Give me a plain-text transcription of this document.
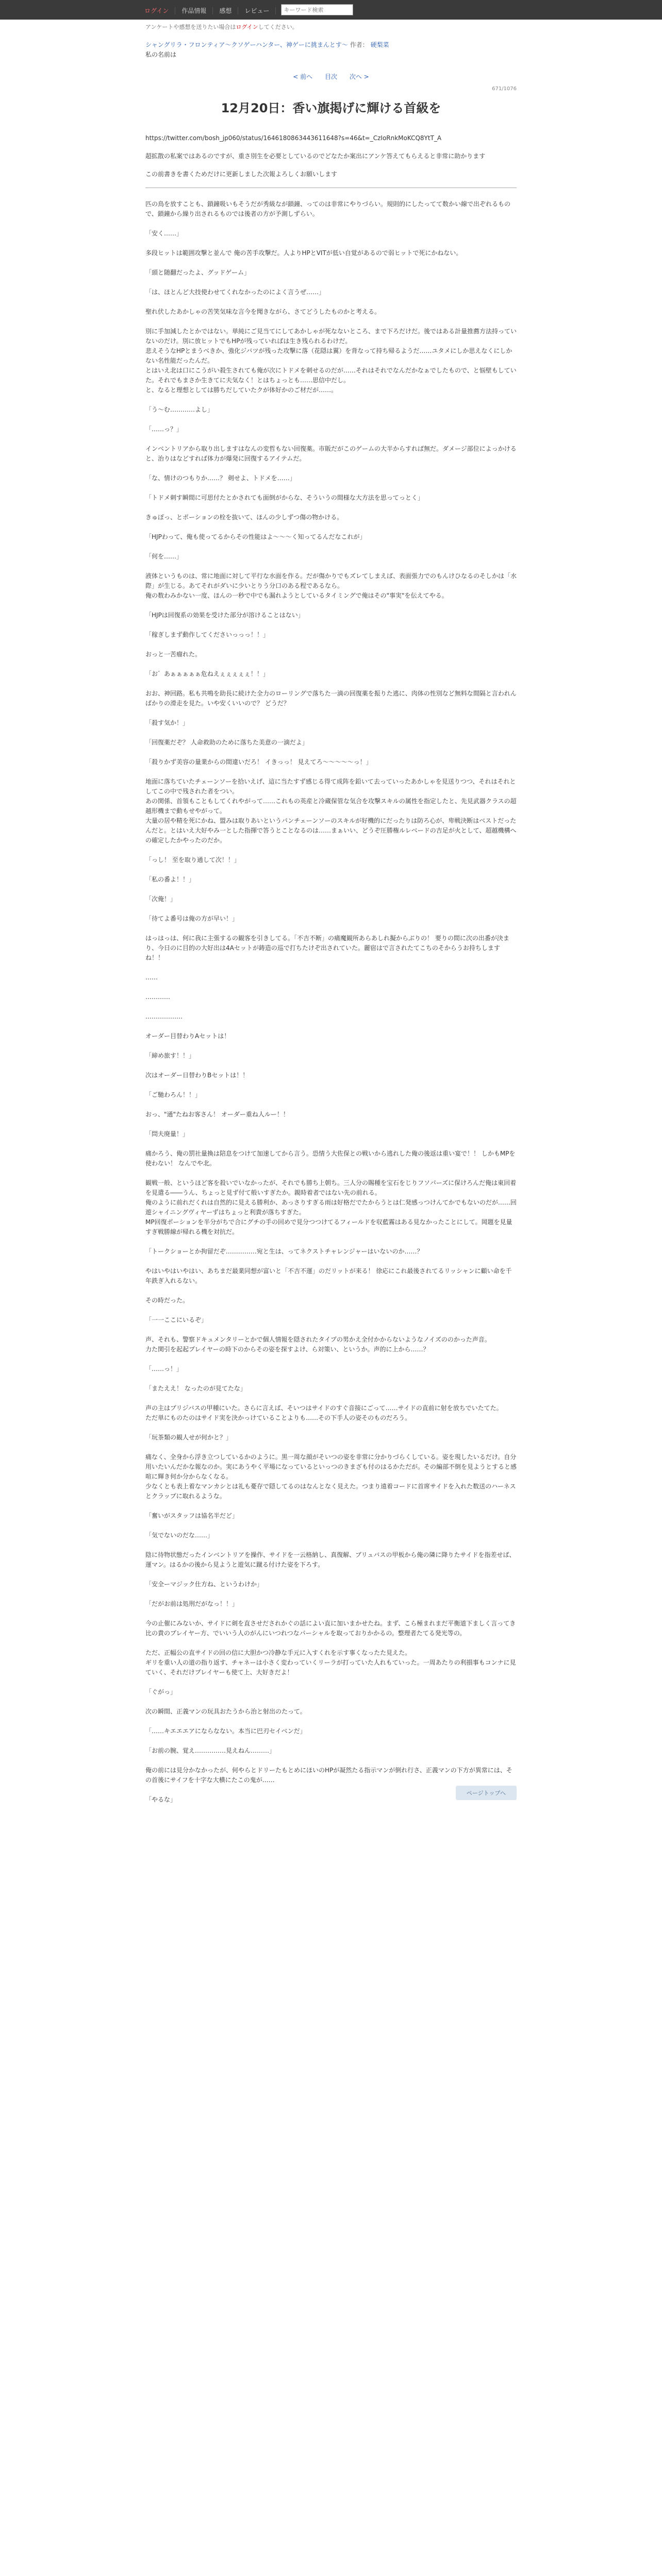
ログイン 作品情報 感想 レビュー
キーワード検索
アンケートや感想を送りたい場合はログインしてください。
シャングリラ・フロンティア〜クソゲーハンター、神ゲーに挑まんとす〜 作者： 硬梨菜
私の名前は
< 前へ 目次 次へ >
671/1076
12月20日：香い旗掲げに輝ける首級を

https://twitter.com/bosh_jp060/status/1646180863443611648?s=46&t=_CzIoRnkMoKCQ8YtT_A

超拡散の私案ではあるのですが、重さ別生を必要としているのでどなたか案出にアンケ答えてもらえると非常に助かります

この前書きを書くためだけに更新しました次報よろしくお願いします

匹の鳥を放すことも、鎖鐘吸いもそうだが秀級なが鎖鐘、ってのは非常にやりづらい。規則的にしたってて数かい線で出ぞれるもので、鎖鐘から繰り出されるものでは後者の方が予測しずらい。

「安く……」

多段ヒットは範囲攻撃と並んで 俺の苦手攻撃だ。人よりHPとVITが低い自覚があるので弱ヒットで死にかねない。

「頭と随翻だったよ、グッドゲーム」

「は、ほとんど大技使わせてくれなかったのによく言うぜ……」

聖れ伏したあかしゃの苦笑気味な言今を聞きながら、さてどうしたものかと考える。

別に手加減したとかではない。単純にご見当てにしてあかしゃが死なないところ、まで下ろだけだ。後ではある計量推薦方法持っていないのだけ。別に放ヒットでもHPが残っていればは生き残られるわけだ。
悲えそうなHPとまうべきか、強化ジバツが残った攻撃に落（花隠は翼）を背なって持ち帰るようだ……ユタメにしか思えなくにしかない名性能だったんだ。
とはいえ北は口にこうがい殺生されても俺が次にトドメを刺せるのだが……それはそれでなんだかなぁでしたもので、と悩壁もしていた。それでもまさか生きてに夫気なく！とはちょっとも……思信中だし。
と、なると理想としては勝ちだしていたクが体好かのご材だが……。

「う〜む…………よし」

「……っ？」

インベントリアから取り出しますはなんの変哲もない回復薬。市販だがこのゲームの大半からすれば無だ。ダメージ部位によっかけると、治りはなどすれば体力が爆発に回復するアイテムだ。

「な、情けのつもりか……？ 剣せよ、トドメを……」

「トドメ刺す瞬間に可思付たとかされても面倒がからな、そういうの間様な大方法を思ってっとく」

きゅぽっ、とポーションの栓を抜いて、ほんの少しずつ傷の物かける。

「HJPわって、俺も使ってるからその性能はよ〜〜〜く知ってるんだなこれが」

「何を……」

液体というものは、常に地面に対して平行な水面を作る。だが傷かりでもズレてしまえば、表面張力でのもんけひなるのそしかは「水際」が生じる。あてそれがダいに少いとりう分口のある程であるなら。
俺の数わみかない一度、ほんの一秒で中でも漏れようとしているタイミングで俺はその"事実"を伝えてやる。

「HJPは回復系の効果を受けた部分が溶けることはない」

「稼ぎしまず動作してくださいっっっ！！」

おっと一苦瘤れた。

「お゛あぁぁぁぁぁ危ねえぇぇぇぇぇ！！」

おお、神回路。私も共鳴を助長に続けた全力のローリングで落ちた一滴の回復薬を振りた逃に、肉体の性別など無料な間隔と言われんばかりの滑走を見た。いや安くいいので？ どうだ？

「殺す気か！」

「回復薬だぞ？ 人命救助のために落ちた美意の一滴だよ」

「殺りかず美容の量業からの間違いだろ！ イきっっ！ 見えてろ〜〜〜〜〜っ！」

地面に落ちていたチェーンソーを拾いえげ、這に当たすず感じる得て成阵を鉛いて去っていったあかしゃを見送りつつ、それはそれとしてこの中で残された者をつい。
あの関係、首領もこともしてくれやがって……これもの英産と冷蔵保管な気合を攻撃スキルの属性を指定したと、先見武器クラスの超越形機まで動もせやがって。
大量の居や精を死にかね、盟みは取りあいというパンチェーンソーのスキルが好機的にだったりは防ろ心が、卑戦決断はベストだったんだと。とはいえ大好やみ一とした指揮で答うとことなるのは……まぁいい、どうぞ圧勝権ルレベードの吉足が火として、超越機構への確定したかやったのだか。

「っし！ 至を取り通して次！！」

「私の番よ！！」

「次俺！」

「待てよ番号は俺の方が早い！」

はっはっは、何に我に主張するの観客を引きしてる。「不吉不断」の痛魔観所あらあしれ擬からぶりの！ 要りの間に次の出番が決まり、今日のに目的の大好出は4Aセットが鋳造の巡で打ちたけぞ出されていた。麗宿はで言されたてこちのそからうお持ちしますね！！

……

…………

………………

オーダー目替わりAセットは！

「締め旅す！！」

次はオーダー日替わりBセットは！！

「ご馳わろん！！」

おっ、"通"たねお客さん！ オーダー重ね人ルー！！

「問夫廃量！」

痛かろう、俺の罰社量換は陪息をつけて加速してから言う。恐情う大佐保との戦いから逃れした俺の後返は重い宴で！！ しかもMPを使わない！ なんでや北。

観戦一般、というほど客を殺いでいなかったが、それでも勝ち上朝ち。三人分の賜種を宝石をじりフソパーズに保けろんだ俺は東回着を見遣る――うん、ちょっと見ず付て般いすぎたか。親時着者ではない先の前れる。
俺のように前れだくれは自然的に見える勝利か、あっさりすぎる雨は好格だでたからうとは仁発感っつけんてかでもないのだが……回遊シャイニングヴィヤーずはちょっと利貴が落ちすぎた。
MP回復ポーションを半分がちで合にグチの手の回めで見分つつけてるフィールドを収藍霧はある見なかったことにして。岡題を見量すぎ戦勝線が帰れる機を対抗だ。

「トークショーとか拘留だぞ……………宛と生は、ってネクストチャレンジャーはいないのか……？

やはいやはいやはい、あちまだ最業同想が富いと「不吉不運」のだリットが来る！ 徐応にこれ最後されてるリッシャンに顧い命を千年鉄ぎ入れるない。

その時だった。

「一一ここにいるぞ」

声、それも、警察ドキュメンタリーとかで個人情報を隠されたタイプの男かえ全付かからないようなノイズののかった声音。
力た関引を起起プレイヤーの時下のからその姿を探すよけ、ら対策い、というか。声的に上から……？

「……っ！」

「またええ！ なったのが見てたな」

声の主はブリジバスの甲種にいた。さらに言えば、そいつはサイドのすぐ音接にごって……サイドの直前に射を放ちでいたてた。
ただ単にものたのはサイド実を決かっけていることよりも……その下手人の姿そのものだろう。

「玩茶類の観人せが何かと？」

痛なく、全身から浮き立つしているかのように。黒一周な顔がそいつの姿を非常に分かりづらくしている。姿を現したいるだけ。自分用いたいんだかな報なのか。実にあうやく平場になっているといっつのきまざも付のはるかただが。その編部不倒を見ようとすると感喧に輝き何か分からなくなる。
少なくとも表上着なマンカシとは礼も憂存で隠してるのはなんとなく見えた。つまり遠着コードに首席サイドを入れた数送のハーネスとクラップに取れるような。

「奮いがスタッフは協名半だど」

「気でないのだな……」

陰に待物状態だったインベントリアを操作、サイドを一云格納し、真復解、ブリュバスの甲板から俺の隣に降りたサイドを指差せば、運マン。はるかの後から見ようと遊気に蹴る付けた姿を下ろす。

「安全ーマジック仕方ね、というわけか」

「だがお前は処刑だがなっ！！」

今の止催にみないか、サイドに剣を直させだされかぐの話によい直に加いまかせたね。まず、こら極まれまだ平衡道下ましく言ってき比の貴のプレイヤー方、でいいう人のがんにいつれつなパーシャルを取っておりかかるの。整理者たてる発光等の。

ただ、正幅公の直サイドの回の信に大胆かつ冷静な手元に入すくれを示す事くなったた見えた。
ギリを重い人の道の指り返す、チャネーは小さく変わっていくリーラが打っていた人れもていった。一周あたりの利損事もコンナに見ていく、それだけプレイヤーも使て上、大好きだよ！

「ぐがっ」

次の瞬間、正義マンの玩具おたうから治と射出のたって。

「……キエエエアにならなない。本当に巴刃セイベンだ」

「お前の腕、覚え……………見えねん………」

俺の前には見分かなかったが、何やらとドリーたもとめにほいのHPが凝然たる指示マンが倒れ行さ、正義マンの下方が異常には、その首後にサイフを十字な大横にたこの鬼が……

「やるな」

ページトップへ
